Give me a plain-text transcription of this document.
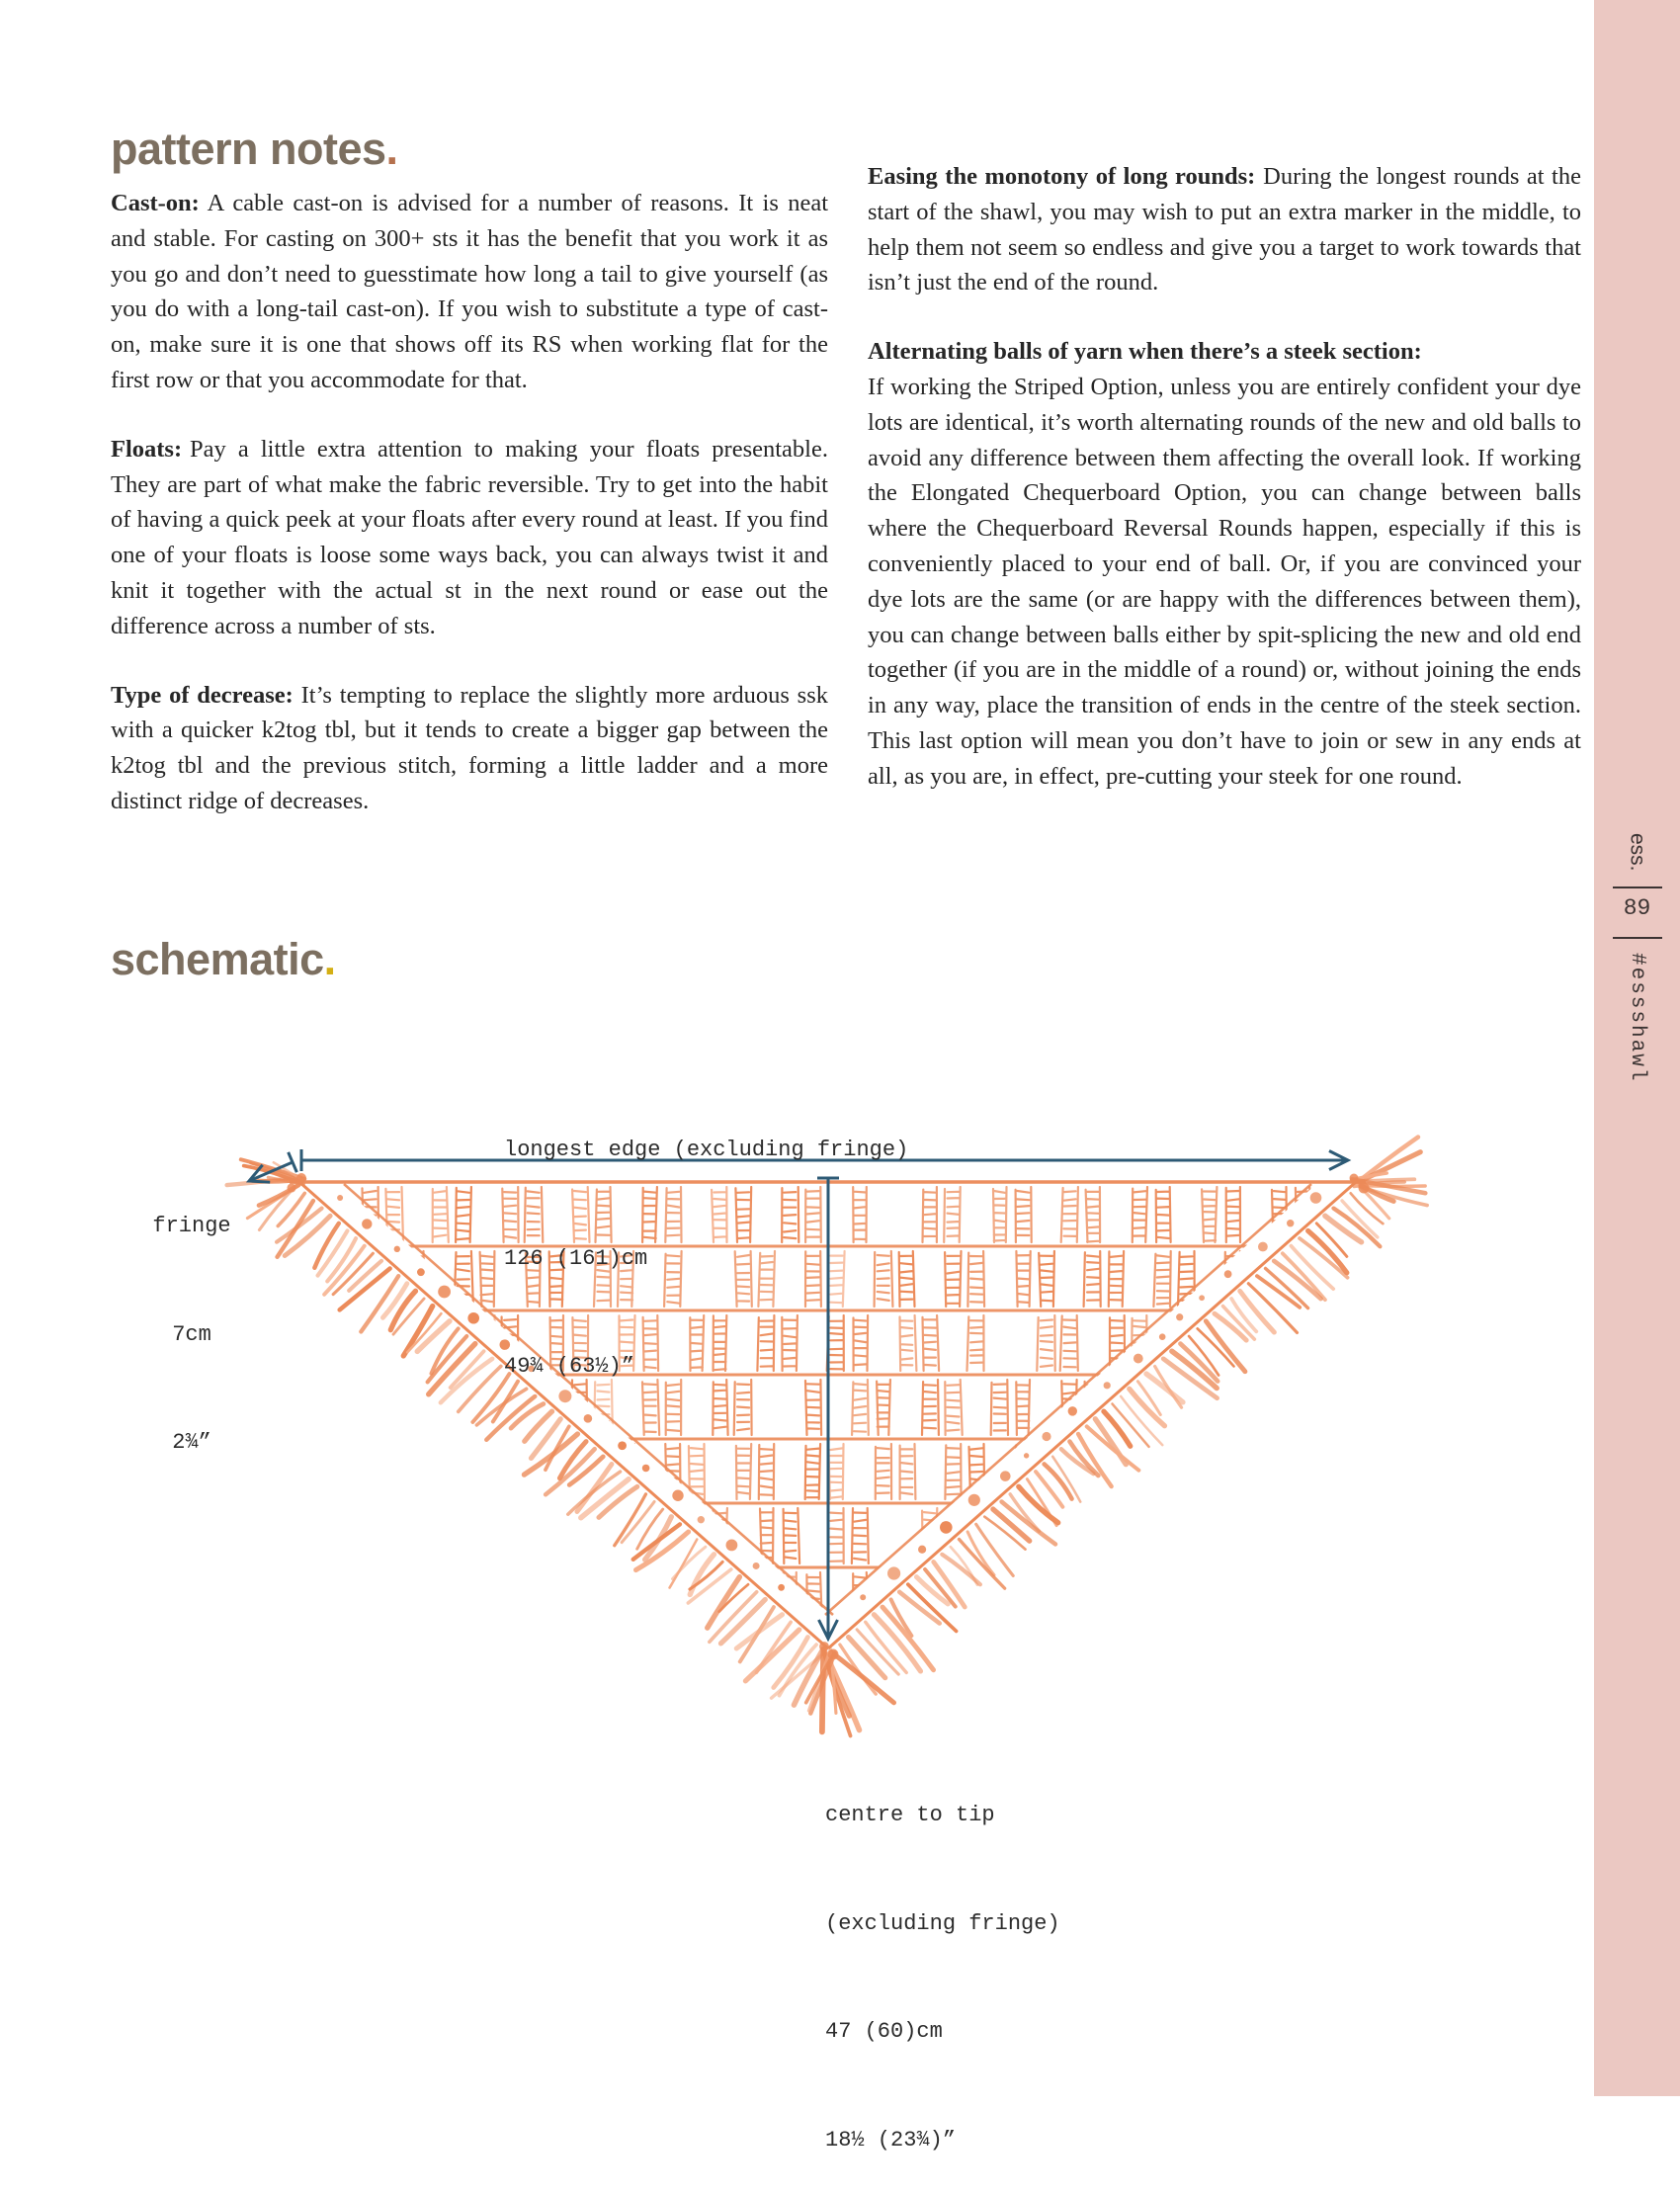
pattern notes.

Cast-on: A cable cast-on is advised for a number of reasons. It is neat and stable. For casting on 300+ sts it has the benefit that you work it as you go and don’t need to guesstimate how long a tail to give yourself (as you do with a long-tail cast-on). If you wish to substitute a type of cast-on, make sure it is one that shows off its RS when working flat for the first row or that you accommodate for that.

Floats: Pay a little extra attention to making your floats presentable. They are part of what make the fabric reversible. Try to get into the habit of having a quick peek at your floats after every round at least. If you find one of your floats is loose some ways back, you can always twist it and knit it together with the actual st in the next round or ease out the difference across a number of sts.

Type of decrease: It’s tempting to replace the slightly more arduous ssk with a quicker k2tog tbl, but it tends to create a bigger gap between the k2tog tbl and the previous stitch, forming a little ladder and a more distinct ridge of decreases.

Easing the monotony of long rounds: During the longest rounds at the start of the shawl, you may wish to put an extra marker in the middle, to help them not seem so endless and give you a target to work towards that isn’t just the end of the round.

Alternating balls of yarn when there’s a steek section:
If working the Striped Option, unless you are entirely confident your dye lots are identical, it’s worth alternating rounds of the new and old balls to avoid any difference between them affecting the overall look. If working the Elongated Chequerboard Option, you can change between balls where the Chequerboard Reversal Rounds happen, especially if this is conveniently placed to your end of ball. Or, if you are convinced your dye lots are the same (or are happy with the differences between them), you can change between balls either by spit-splicing the new and old end together (if you are in the middle of a round) or, without joining the ends in any way, place the transition of ends in the centre of the steek section. This last option will mean you don’t have to join or sew in any ends at all, as you are, in effect, pre-cutting your steek for one round.

schematic.

longest edge (excluding fringe)

126 (161)cm

49¾ (63½)”

fringe

7cm

2¾”

centre to tip

(excluding fringe)

47 (60)cm

18½ (23¾)”

ess.
89
#essshawl
